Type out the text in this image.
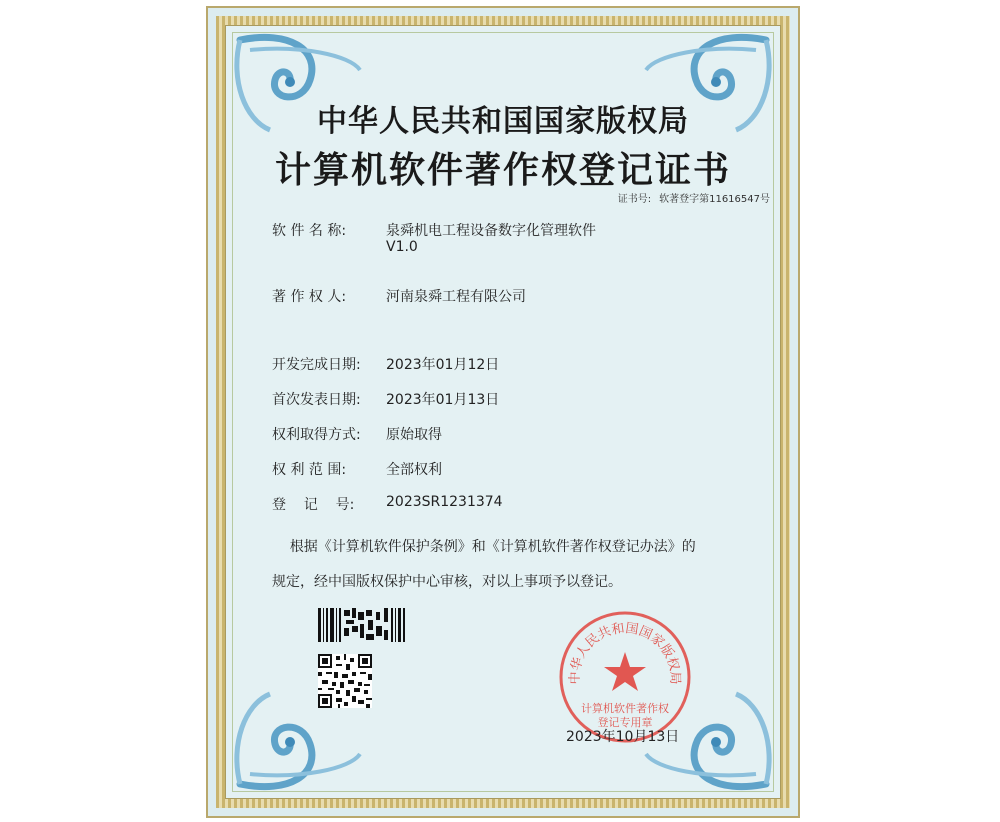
中华人民共和国国家版权局
计算机软件著作权登记证书
证书号: 软著登字第11616547号
软 件 名 称:	泉舜机电工程设备数字化管理软件
V1.0
著 作 权 人:	河南泉舜工程有限公司
开发完成日期:	2023年01月12日
首次发表日期:	2023年01月13日
权利取得方式:	原始取得
权 利 范 围:	全部权利
登    记    号:	2023SR1231374
根据《计算机软件保护条例》和《计算机软件著作权登记办法》的
规定，经中国版权保护中心审核，对以上事项予以登记。
中华人民共和国国家版权局
计算机软件著作权
登记专用章
2023年10月13日
